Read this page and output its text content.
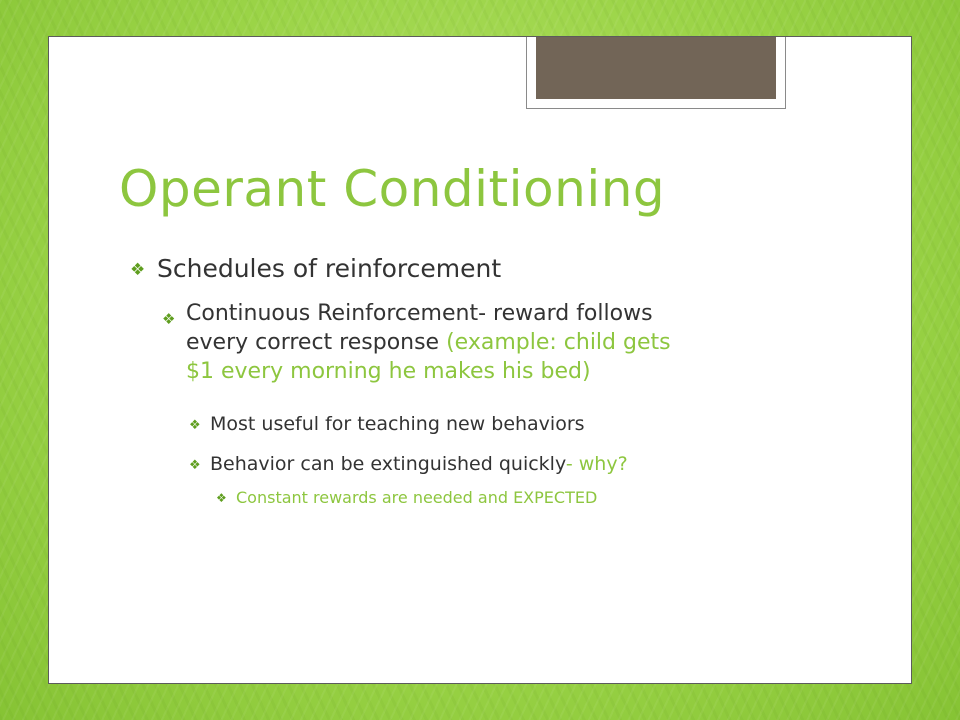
Operant Conditioning
❖ Schedules of reinforcement
❖ Continuous Reinforcement- reward follows
every correct response (example: child gets
$1 every morning he makes his bed)
❖ Most useful for teaching new behaviors
❖ Behavior can be extinguished quickly- why?
❖ Constant rewards are needed and EXPECTED
